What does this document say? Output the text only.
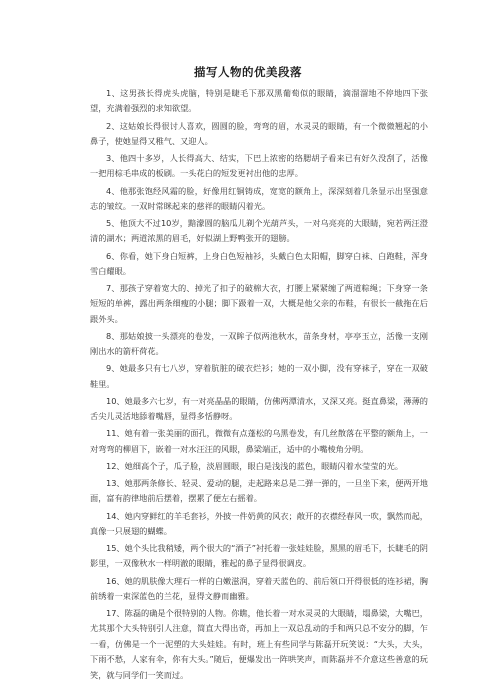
描写人物的优美段落

1、这男孩长得虎头虎脑，特别是睫毛下那双黑葡萄似的眼睛，滴溜溜地不停地四下张望，充满着强烈的求知欲望。

2、这姑娘长得很讨人喜欢，圆圆的脸，弯弯的眉，水灵灵的眼睛，有一个微微翘起的小鼻子，使她显得又稚气、又迎人。

3、他四十多岁，人长得高大、结实，下巴上浓密的络腮胡子看来已有好久没刮了，活像一把用棕毛串成的板刷。一头花白的短发更衬出他的忠厚。

4、他那张饱经风霜的脸，好像用红铜铸成，宽宽的额角上，深深刻着几条显示出坚强意志的皱纹。一双时常眯起来的慈祥的眼睛闪着光。

5、他顶大不过10岁，黯濛圆的脑瓜儿剃个光葫芦头，一对乌亮亮的大眼睛，宛若两汪澄清的湖水；两道浓黑的眉毛，好似湖上野鸭张开的翅膀。

6、你看，她下身白短裤，上身白色短袖衫，头戴白色太阳帽，脚穿白袜、白跑鞋，浑身雪白耀眼。

7、那孩子穿着宽大的、掉光了扣子的破棉大衣，打腰上紧紧缠了两道粽绳；下身穿一条短短的单裤，露出两条细瘦的小腿；脚下趿着一双，大概是他父亲的布鞋，有很长一截拖在后跟外头。

8、那姑娘披一头漂亮的卷发，一双眸子似两池秋水，苗条身材，亭亭玉立，活像一支刚刚出水的箭杆荷花。

9、她最多只有七八岁，穿着肮脏的破衣烂衫；她的一双小脚，没有穿袜子，穿在一双破鞋里。

10、她最多六七岁，有一对亮晶晶的眼睛，仿佛两潭清水，又深又亮。挺直鼻梁，薄薄的舌尖儿灵活地舔着嘴唇，显得多恬静呀。

11、她有着一张美丽的面孔，微微有点蓬松的乌黑卷发，有几丝散落在平整的额角上，一对弯弯的柳眉下，嵌着一对水汪汪的风眼，鼻梁端正，适中的小嘴棱角分明。

12、她细高个子，瓜子脸，淡眉圆眼，眼白是浅浅的蓝色，眼睛闪着水莹莹的光。

13、她那两条修长、轻灵、爱动的腿，走起路来总是二弹一弹的，一旦坐下来，便两开地面，富有韵律地前后摆着，摆累了便左右摇着。

14、她内穿鲜红的羊毛套衫，外披一件奶黄的风衣；敞开的衣襟经春风一吹，飘然而起，真像一只展翅的蝴蝶。

15、她个头比我稍矮，两个很大的“酒子”衬托着一张娃娃脸，黑黑的眉毛下，长睫毛的阴影里，一双像秋水一样明澈的眼睛，雅起的鼻子显得很调皮。

16、她的肌肤像大理石一样的白嫩滋润，穿着天蓝色的、前后领口开得很低的连衫裙，胸前绣着一束深蓝色的兰花，显得文静而幽雅。

17、陈磊的确是个很特别的人物。你瞧，他长着一对水灵灵的大眼睛，塌鼻梁，大嘴巴，尤其那个大头特别引人注意，简直大得出奇，再加上一双总乱动的手和两只总不安分的脚，乍一看，仿佛是一个一泥塑的大头娃娃。有时，班上有些同学与陈磊开玩笑说：“大头，大头，下雨不愁，人家有伞，你有大头。”随后，便爆发出一阵哄笑声，而陈磊并不介意这些善意的玩笑，就与同学们一笑而过。
